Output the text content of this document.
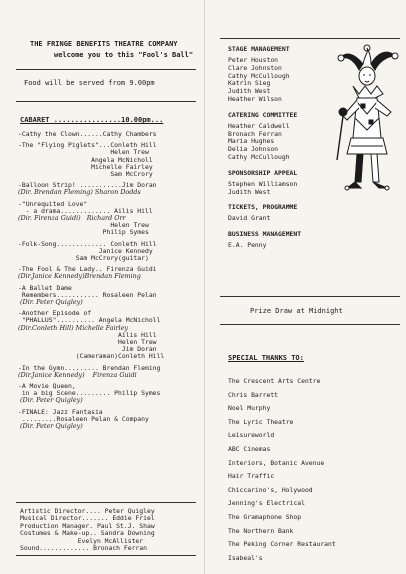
THE FRINGE BENEFITS THEATRE COMPANY
welcome you to this "Fool's Ball"
Food will be served from 9.00pm
CABARET ................10.00pm...
-Cathy the Clown......Cathy Chambers
-The "Flying Piglets"...Conleth Hill
Helen Trew
Angela McNicholl
Michelle Fairley
Sam McCrory
-Balloon Strip! ...........Jim Doran
(Dir. Brendan Fleming) Sharon Dodds
-"Unrequited Love"
- a drama............. Ailis Hill
(Dir. Firenza Guidi)   Richard Orr
Helen Trew
Philip Symes
-Folk-Song............. Conleth Hill
Janice Kennedy
Sam McCrory(guitar)
-The Fool & The Lady.. Firenza Guidi
(Dir.Janice Kennedy)Brendan Fleming
-A Ballet Dame
Remembers........... Rosaleen Pelan
(Dir. Peter Quigley)
-Another Episode of
"PHALLUS".......... Angela McNicholl
(Dir.Conleth Hill) Michelle Fairley
Ailis Hill
Helen Trew
Jim Doran
(Cameraman)Conleth Hill
-In the Gymn......... Brendan Fleming
(Dir.Janice Kennedy)    Firenza Guidi
-A Movie Queen,
in a big Scene......... Philip Symes
(Dir. Peter Quigley)
-FINALE: Jazz Fantasia
.........Rosaleen Pelan & Company
(Dir. Peter Quigley)
Artistic Director.... Peter Quigley
Musical Director....... Eddie Friel
Production Manager. Paul St.J. Shaw
Costumes & Make-up.. Sandra Downing
Evelyn McAllister
Sound............. Bronach Ferran
STAGE MANAGEMENT
Peter Houston
Clare Johnston
Cathy McCullough
Katrin Sieg
Judith West
Heather Wilson
CATERING COMMITTEE
Heather Caldwell
Bronach Ferran
Maria Hughes
Delia Johnson
Cathy McCullough
SPONSORSHIP APPEAL
Stephen Williamson
Judith West
TICKETS, PROGRAMME
David Grant
BUSINESS MANAGEMENT
E.A. Penny
Prize Draw at Midnight
SPECIAL THANKS TO:
The Crescent Arts Centre
Chris Barrett
Noel Murphy
The Lyric Theatre
Leisureworld
ABC Cinemas
Interiors, Botanic Avenue
Hair Traffic
Chiccarino's, Holywood
Jenning's Electrical
The Gramaphone Shop
The Northern Bank
The Peking Corner Restaurant
Isabeal's
